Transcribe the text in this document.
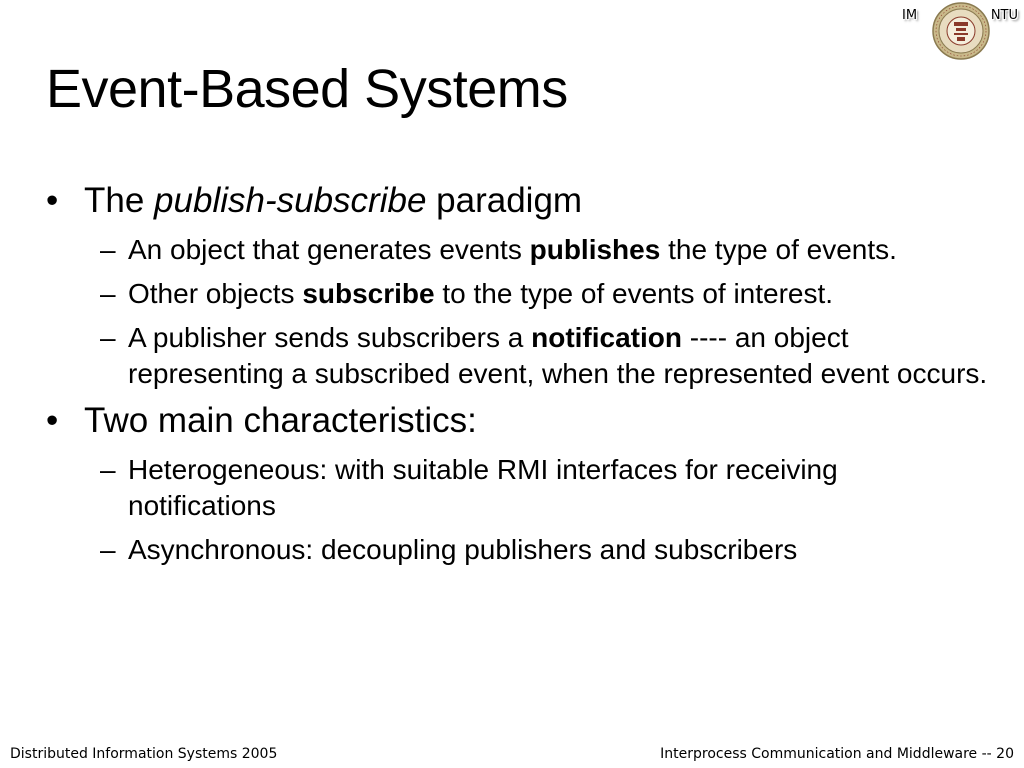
IM	NTU
Event-Based Systems
• The publish-subscribe paradigm
– An object that generates events publishes the type of events.
– Other objects subscribe to the type of events of interest.
– A publisher sends subscribers a notification ---- an object representing a subscribed event, when the represented event occurs.
• Two main characteristics:
– Heterogeneous: with suitable RMI interfaces for receiving notifications
– Asynchronous: decoupling publishers and subscribers
Distributed Information Systems 2005	Interprocess Communication and Middleware -- 20
